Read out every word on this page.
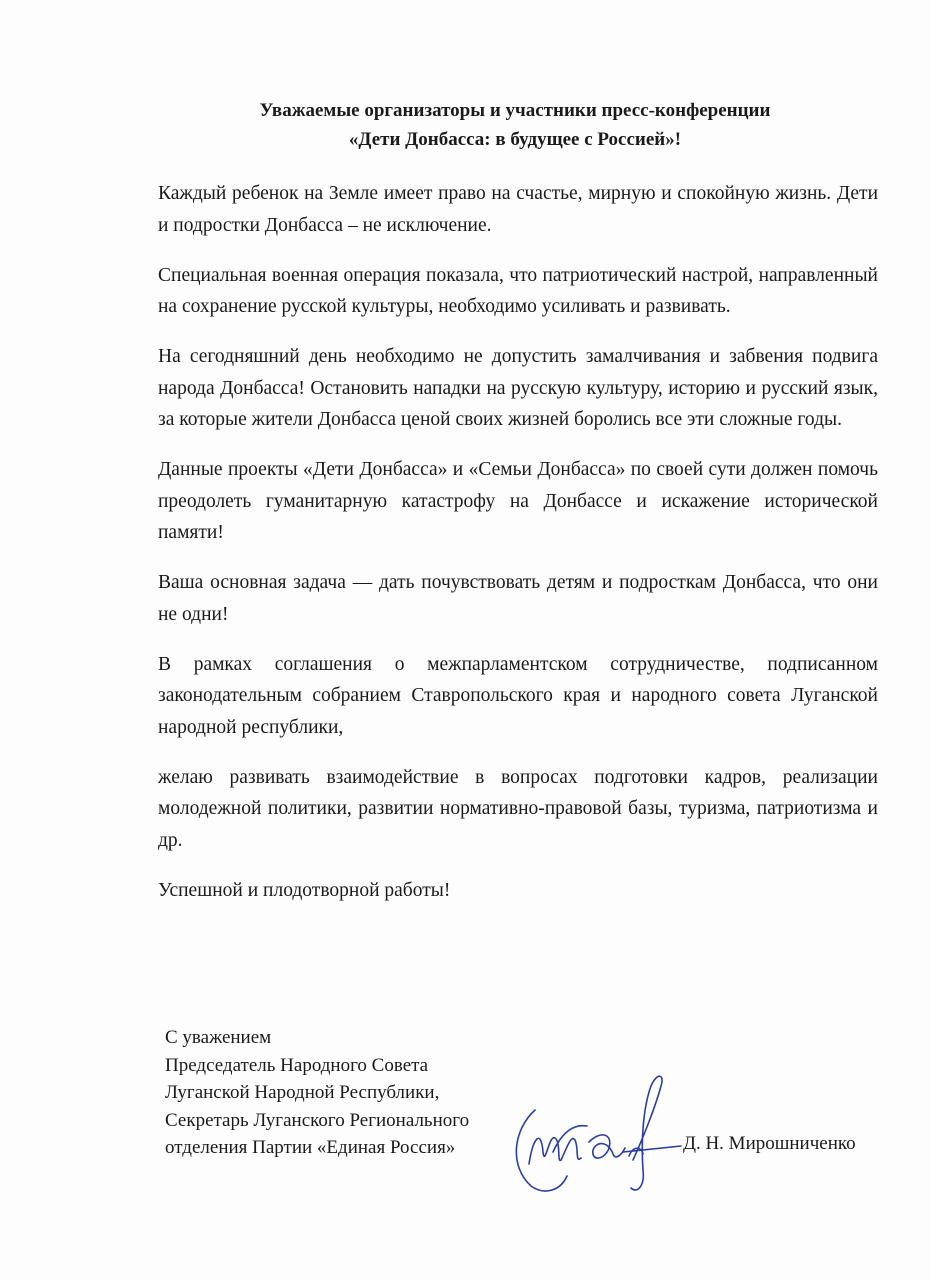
Уважаемые организаторы и участники пресс-конференции
«Дети Донбасса: в будущее с Россией»!

Каждый ребенок на Земле имеет право на счастье, мирную и спокойную жизнь. Дети и подростки Донбасса – не исключение.

Специальная военная операция показала, что патриотический настрой, направленный на сохранение русской культуры, необходимо усиливать и развивать.

На сегодняшний день необходимо не допустить замалчивания и забвения подвига народа Донбасса! Остановить нападки на русскую культуру, историю и русский язык, за которые жители Донбасса ценой своих жизней боролись все эти сложные годы.

Данные проекты «Дети Донбасса» и «Семьи Донбасса» по своей сути должен помочь преодолеть гуманитарную катастрофу на Донбассе и искажение исторической памяти!

Ваша основная задача — дать почувствовать детям и подросткам Донбасса, что они не одни!

В рамках соглашения о межпарламентском сотрудничестве, подписанном законодательным собранием Ставропольского края и народного совета Луганской народной республики,

желаю развивать взаимодействие в вопросах подготовки кадров, реализации молодежной политики, развитии нормативно-правовой базы, туризма, патриотизма и др.

Успешной и плодотворной работы!

С уважением
Председатель Народного Совета
Луганской Народной Республики,
Секретарь Луганского Регионального
отделения Партии «Единая Россия»	Д. Н. Мирошниченко
